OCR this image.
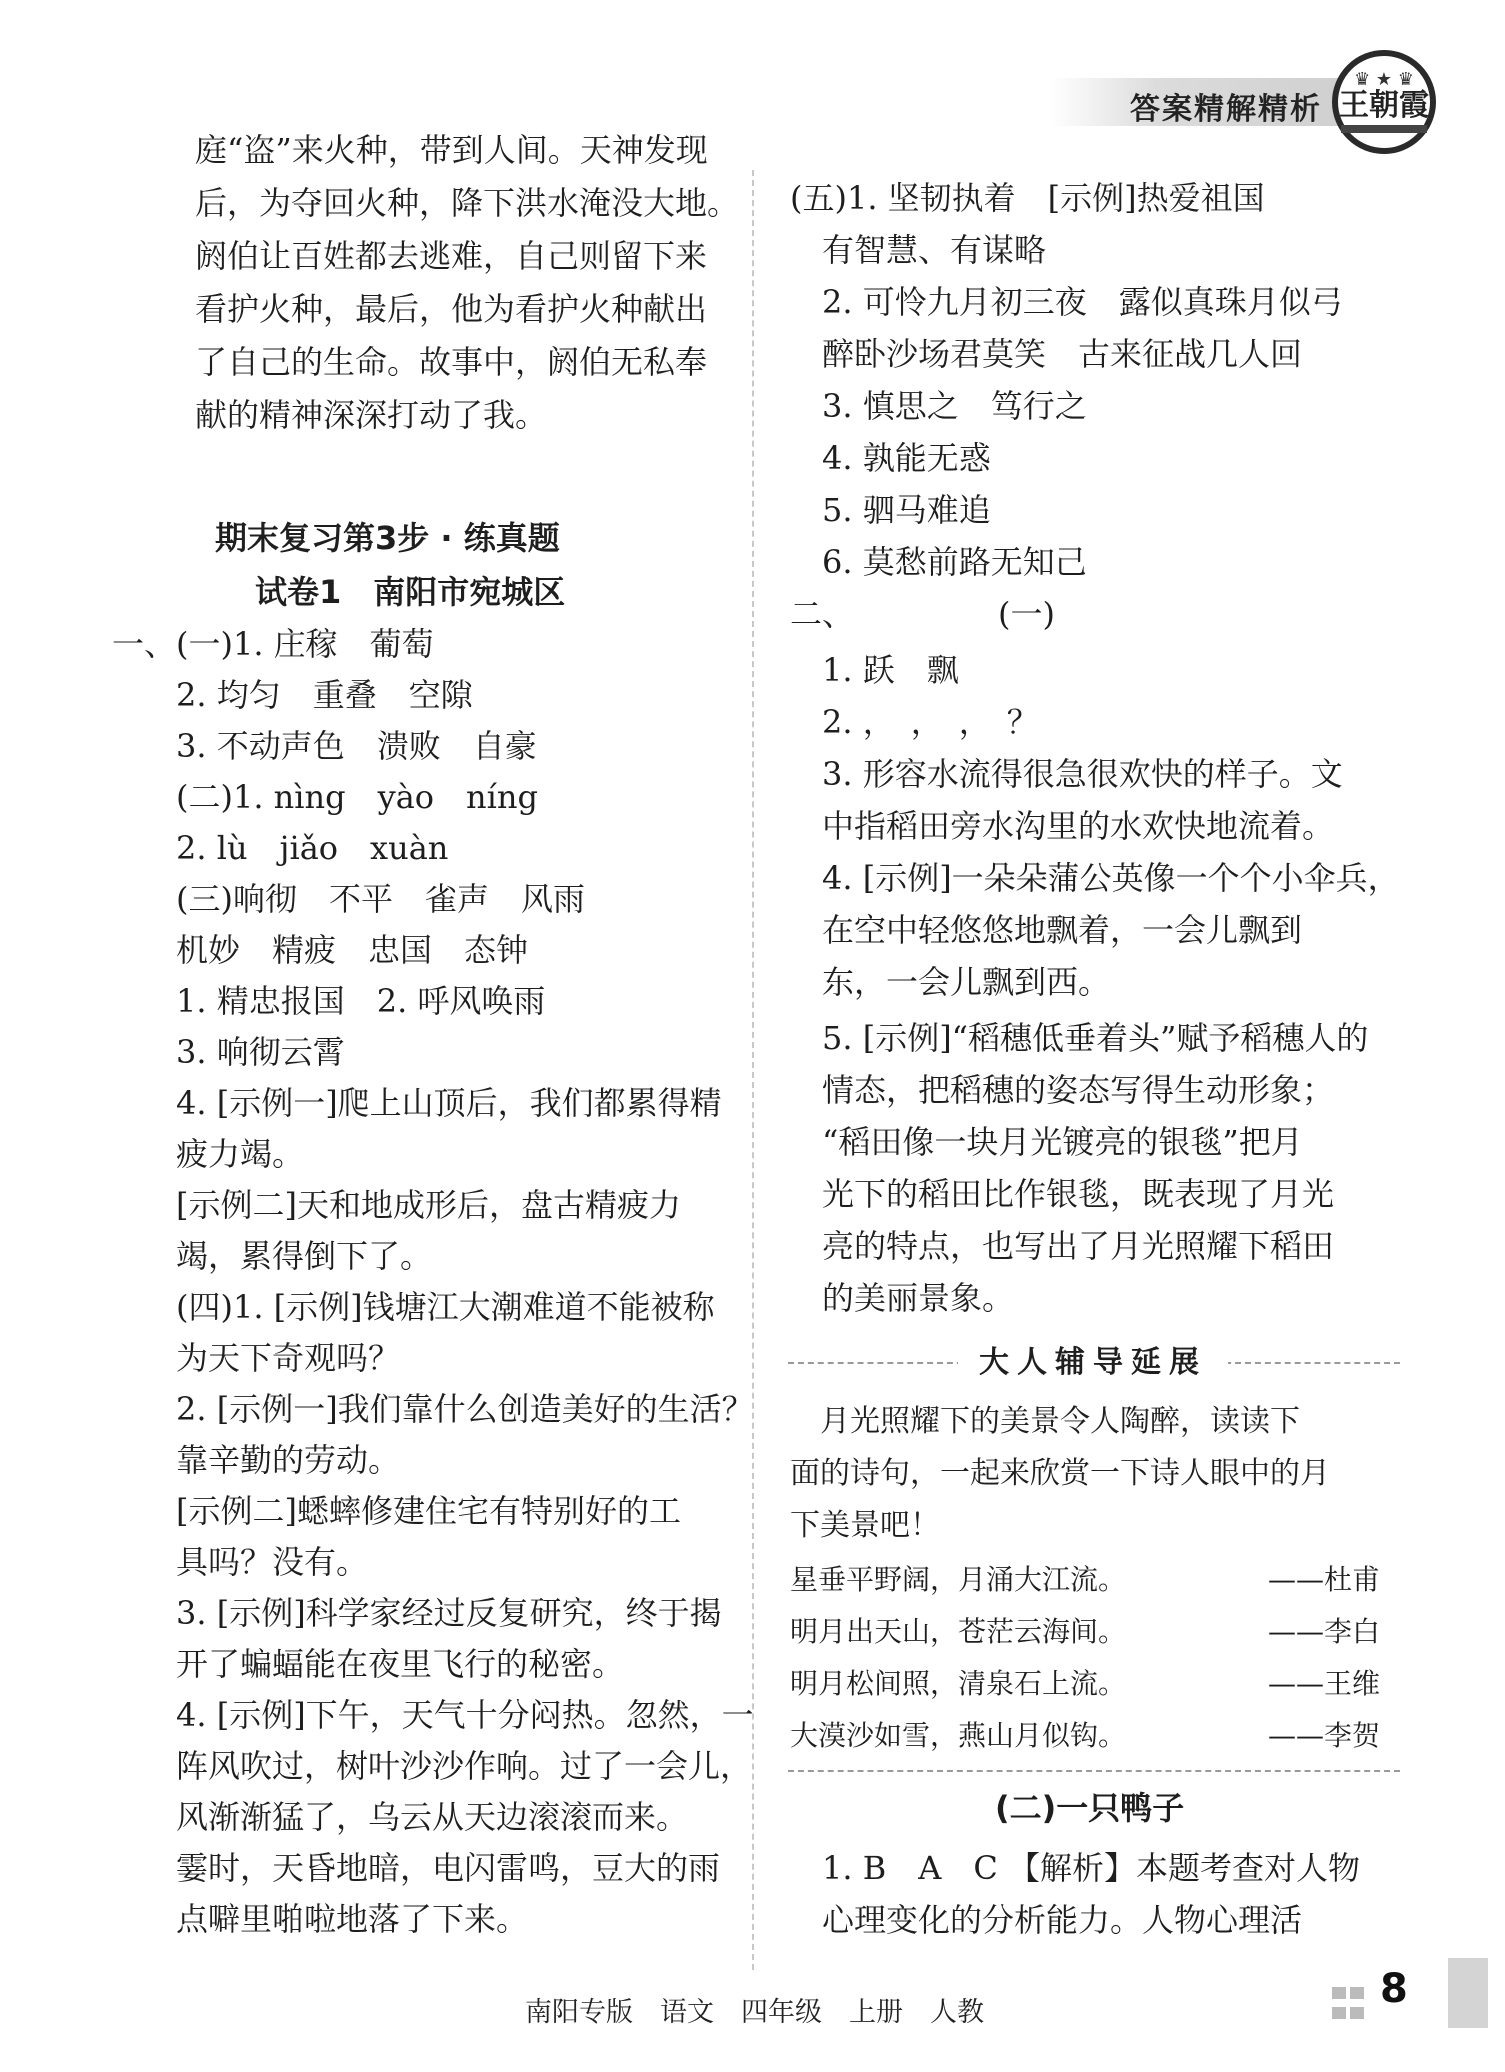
答案精解精析
♛ ★ ♛
王朝霞
庭“盗”来火种，带到人间。天神发现
后，为夺回火种，降下洪水淹没大地。
阏伯让百姓都去逃难，自己则留下来
看护火种，最后，他为看护火种献出
了自己的生命。故事中，阏伯无私奉
献的精神深深打动了我。
期末复习第3步 · 练真题
试卷1　南阳市宛城区
一、(一)1. 庄稼　葡萄
　　2. 均匀　重叠　空隙
　　3. 不动声色　溃败　自豪
　　(二)1. nìng　yào　níng
　　2. lù　jiǎo　xuàn
　　(三)响彻　不平　雀声　风雨
　　机妙　精疲　忠国　态钟
　　1. 精忠报国　2. 呼风唤雨
　　3. 响彻云霄
　　4. [示例一]爬上山顶后，我们都累得精
　　疲力竭。
　　[示例二]天和地成形后，盘古精疲力
　　竭，累得倒下了。
　　(四)1. [示例]钱塘江大潮难道不能被称
　　为天下奇观吗？
　　2. [示例一]我们靠什么创造美好的生活？
　　靠辛勤的劳动。
　　[示例二]蟋蟀修建住宅有特别好的工
　　具吗？没有。
　　3. [示例]科学家经过反复研究，终于揭
　　开了蝙蝠能在夜里飞行的秘密。
　　4. [示例]下午，天气十分闷热。忽然，一
　　阵风吹过，树叶沙沙作响。过了一会儿，
　　风渐渐猛了，乌云从天边滚滚而来。
　　霎时，天昏地暗，电闪雷鸣，豆大的雨
　　点噼里啪啦地落了下来。
(五)1. 坚韧执着　[示例]热爱祖国
　有智慧、有谋略
　2. 可怜九月初三夜　露似真珠月似弓
　醉卧沙场君莫笑　古来征战几人回
　3. 慎思之　笃行之
　4. 孰能无惑
　5. 驷马难追
　6. 莫愁前路无知己
二、　　　　　(一)
　1. 跃　飘
　2. ，　，　，　？
　3. 形容水流得很急很欢快的样子。文
　中指稻田旁水沟里的水欢快地流着。
　4. [示例]一朵朵蒲公英像一个个小伞兵，
　在空中轻悠悠地飘着，一会儿飘到
　东，一会儿飘到西。
　5. [示例]“稻穗低垂着头”赋予稻穗人的
　情态，把稻穗的姿态写得生动形象；
　“稻田像一块月光镀亮的银毯”把月
　光下的稻田比作银毯，既表现了月光
　亮的特点，也写出了月光照耀下稻田
　的美丽景象。
大人辅导延展
　月光照耀下的美景令人陶醉，读读下
面的诗句，一起来欣赏一下诗人眼中的月
下美景吧！
星垂平野阔，月涌大江流。	——杜甫
明月出天山，苍茫云海间。	——李白
明月松间照，清泉石上流。	——王维
大漠沙如雪，燕山月似钩。	——李贺
(二)一只鸭子
　1. B　A　C 【解析】本题考查对人物
　心理变化的分析能力。人物心理活
南阳专版　语文　四年级　上册　人教
8
